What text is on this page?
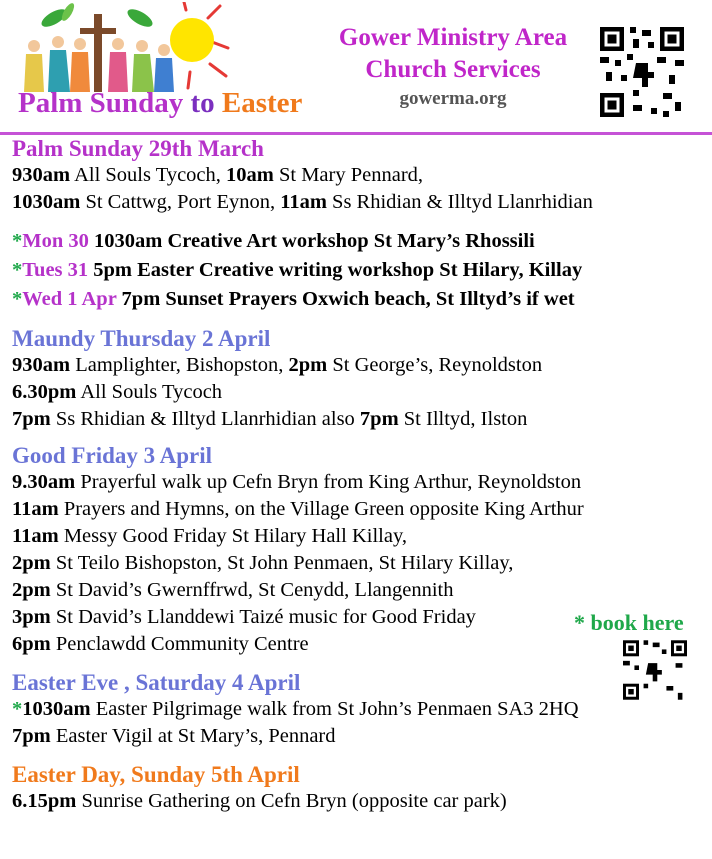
Palm Sunday to Easter
Gower Ministry Area
Church Services
gowerma.org
Palm Sunday 29th March
930am All Souls Tycoch, 10am St Mary Pennard,
1030am St Cattwg, Port Eynon, 11am Ss Rhidian & Illtyd Llanrhidian
*Mon 30 1030am Creative Art workshop St Mary’s Rhossili
*Tues 31 5pm Easter Creative writing workshop St Hilary, Killay
*Wed 1 Apr 7pm Sunset Prayers Oxwich beach, St Illtyd’s if wet
Maundy Thursday 2 April
930am Lamplighter, Bishopston, 2pm St George’s, Reynoldston
6.30pm All Souls Tycoch
7pm Ss Rhidian & Illtyd Llanrhidian also 7pm St Illtyd, Ilston
Good Friday 3 April
9.30am Prayerful walk up Cefn Bryn from King Arthur, Reynoldston
11am Prayers and Hymns, on the Village Green opposite King Arthur
11am Messy Good Friday St Hilary Hall Killay,
2pm St Teilo Bishopston, St John Penmaen, St Hilary Killay,
2pm St David’s Gwernffrwd, St Cenydd, Llangennith
3pm St David’s Llanddewi Taizé music for Good Friday
6pm Penclawdd Community Centre
Easter Eve , Saturday 4 April
*1030am Easter Pilgrimage walk from St John’s Penmaen SA3 2HQ
7pm Easter Vigil at St Mary’s, Pennard
Easter Day, Sunday 5th April
6.15pm Sunrise Gathering on Cefn Bryn (opposite car park)
* book here
